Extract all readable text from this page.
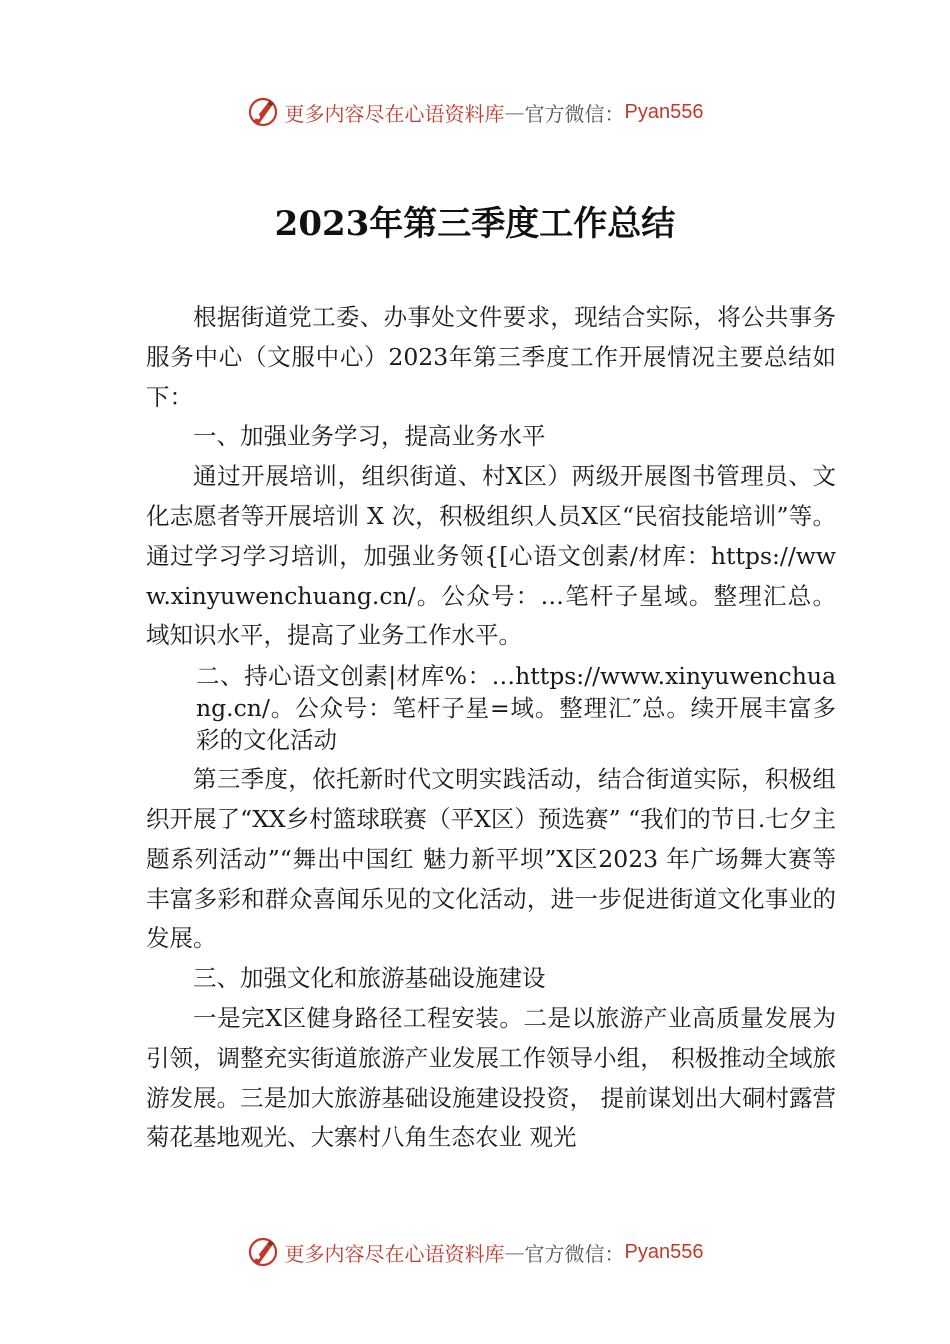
更多内容尽在心语资料库 — 官方微信： Pyan556
2023年第三季度工作总结

根据街道党工委、办事处文件要求，现结合实际，将公共事务服务中心（文服中心）2023年第三季度工作开展情况主要总结如下：

一、加强业务学习，提高业务水平

通过开展培训，组织街道、村X区）两级开展图书管理员、文化志愿者等开展培训 X 次，积极组织人员X区“民宿技能培训”等。通过学习学习培训，加强业务领{[心语文创素/材库：https://www.xinyuwenchuang.cn/。公众号：…笔杆子星域。整理汇总。域知识水平，提高了业务工作水平。

二、持心语文创素|材库%：…https://www.xinyuwenchuang.cn/。公众号：笔杆子星=域。整理汇″总。续开展丰富多彩的文化活动

第三季度，依托新时代文明实践活动，结合街道实际，积极组织开展了“XX乡村篮球联赛（平X区）预选赛” “我们的节日.七夕主题系列活动”“舞出中国红 魅力新平坝”X区2023 年广场舞大赛等丰富多彩和群众喜闻乐见的文化活动，进一步促进街道文化事业的发展。

三、加强文化和旅游基础设施建设

一是完X区健身路径工程安装。二是以旅游产业高质量发展为引领，调整充实街道旅游产业发展工作领导小组， 积极推动全域旅游发展。三是加大旅游基础设施建设投资， 提前谋划出大硐村露营菊花基地观光、大寨村八角生态农业 观光

更多内容尽在心语资料库 — 官方微信： Pyan556
